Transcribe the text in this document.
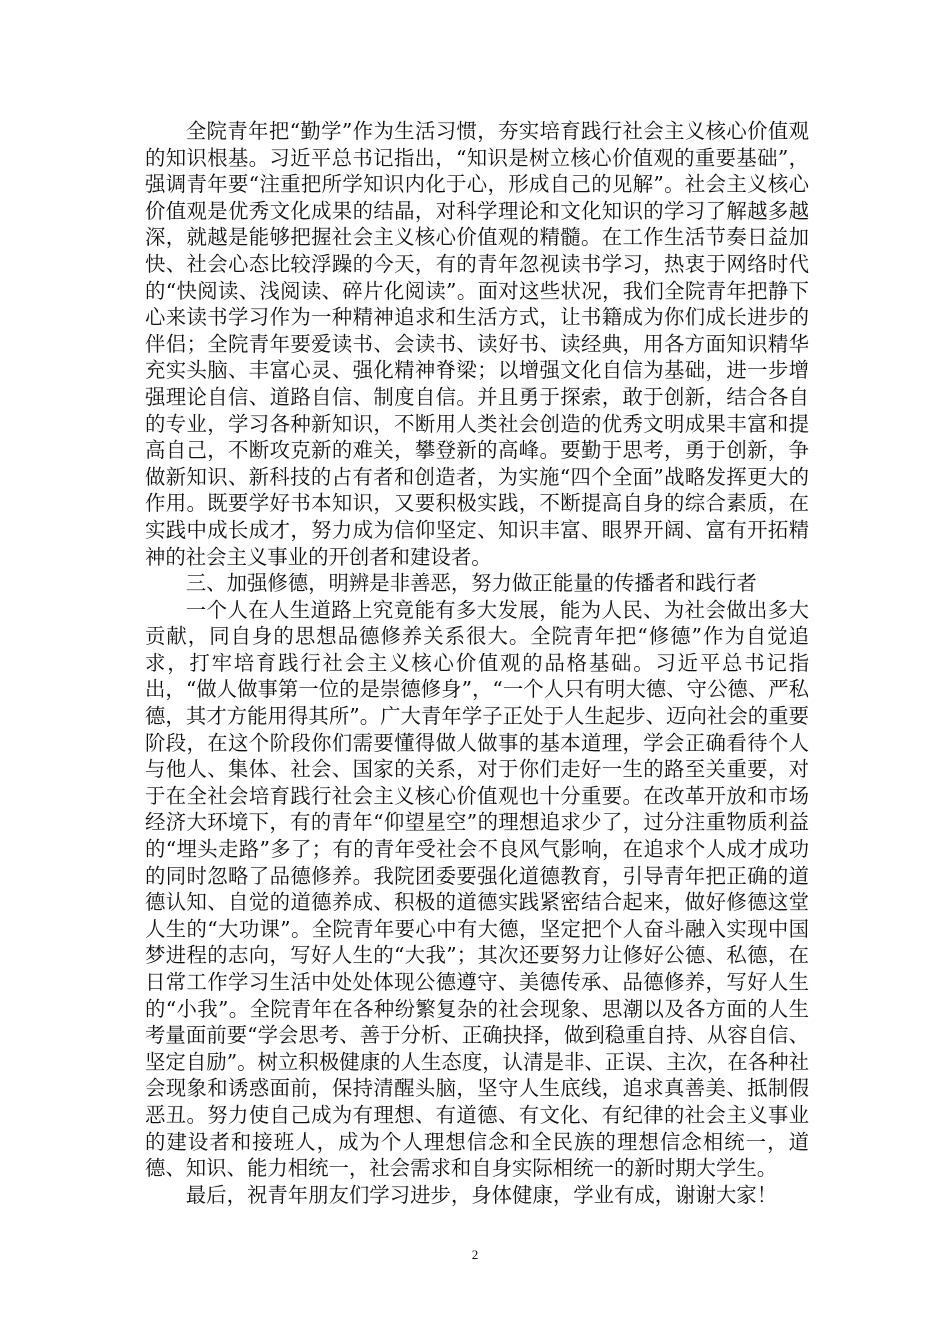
全院青年把“勤学”作为生活习惯，夯实培育践行社会主义核心价值观的知识根基。习近平总书记指出，“知识是树立核心价值观的重要基础”，强调青年要“注重把所学知识内化于心，形成自己的见解”。社会主义核心价值观是优秀文化成果的结晶，对科学理论和文化知识的学习了解越多越深，就越是能够把握社会主义核心价值观的精髓。在工作生活节奏日益加快、社会心态比较浮躁的今天，有的青年忽视读书学习，热衷于网络时代的“快阅读、浅阅读、碎片化阅读”。面对这些状况，我们全院青年把静下心来读书学习作为一种精神追求和生活方式，让书籍成为你们成长进步的伴侣；全院青年要爱读书、会读书、读好书、读经典，用各方面知识精华充实头脑、丰富心灵、强化精神脊梁；以增强文化自信为基础，进一步增强理论自信、道路自信、制度自信。并且勇于探索，敢于创新，结合各自的专业，学习各种新知识，不断用人类社会创造的优秀文明成果丰富和提高自己，不断攻克新的难关，攀登新的高峰。要勤于思考，勇于创新，争做新知识、新科技的占有者和创造者，为实施“四个全面”战略发挥更大的作用。既要学好书本知识，又要积极实践，不断提高自身的综合素质，在实践中成长成才，努力成为信仰坚定、知识丰富、眼界开阔、富有开拓精神的社会主义事业的开创者和建设者。

三、加强修德，明辨是非善恶，努力做正能量的传播者和践行者

一个人在人生道路上究竟能有多大发展，能为人民、为社会做出多大贡献，同自身的思想品德修养关系很大。全院青年把“修德”作为自觉追求，打牢培育践行社会主义核心价值观的品格基础。习近平总书记指出，“做人做事第一位的是崇德修身”，“一个人只有明大德、守公德、严私德，其才方能用得其所”。广大青年学子正处于人生起步、迈向社会的重要阶段，在这个阶段你们需要懂得做人做事的基本道理，学会正确看待个人与他人、集体、社会、国家的关系，对于你们走好一生的路至关重要，对于在全社会培育践行社会主义核心价值观也十分重要。在改革开放和市场经济大环境下，有的青年“仰望星空”的理想追求少了，过分注重物质利益的“埋头走路”多了；有的青年受社会不良风气影响，在追求个人成才成功的同时忽略了品德修养。我院团委要强化道德教育，引导青年把正确的道德认知、自觉的道德养成、积极的道德实践紧密结合起来，做好修德这堂人生的“大功课”。全院青年要心中有大德，坚定把个人奋斗融入实现中国梦进程的志向，写好人生的“大我”；其次还要努力让修好公德、私德，在日常工作学习生活中处处体现公德遵守、美德传承、品德修养，写好人生的“小我”。全院青年在各种纷繁复杂的社会现象、思潮以及各方面的人生考量面前要“学会思考、善于分析、正确抉择，做到稳重自持、从容自信、坚定自励”。树立积极健康的人生态度，认清是非、正误、主次，在各种社会现象和诱惑面前，保持清醒头脑，坚守人生底线，追求真善美、抵制假恶丑。努力使自己成为有理想、有道德、有文化、有纪律的社会主义事业的建设者和接班人，成为个人理想信念和全民族的理想信念相统一，道德、知识、能力相统一，社会需求和自身实际相统一的新时期大学生。

最后，祝青年朋友们学习进步，身体健康，学业有成，谢谢大家！

2
